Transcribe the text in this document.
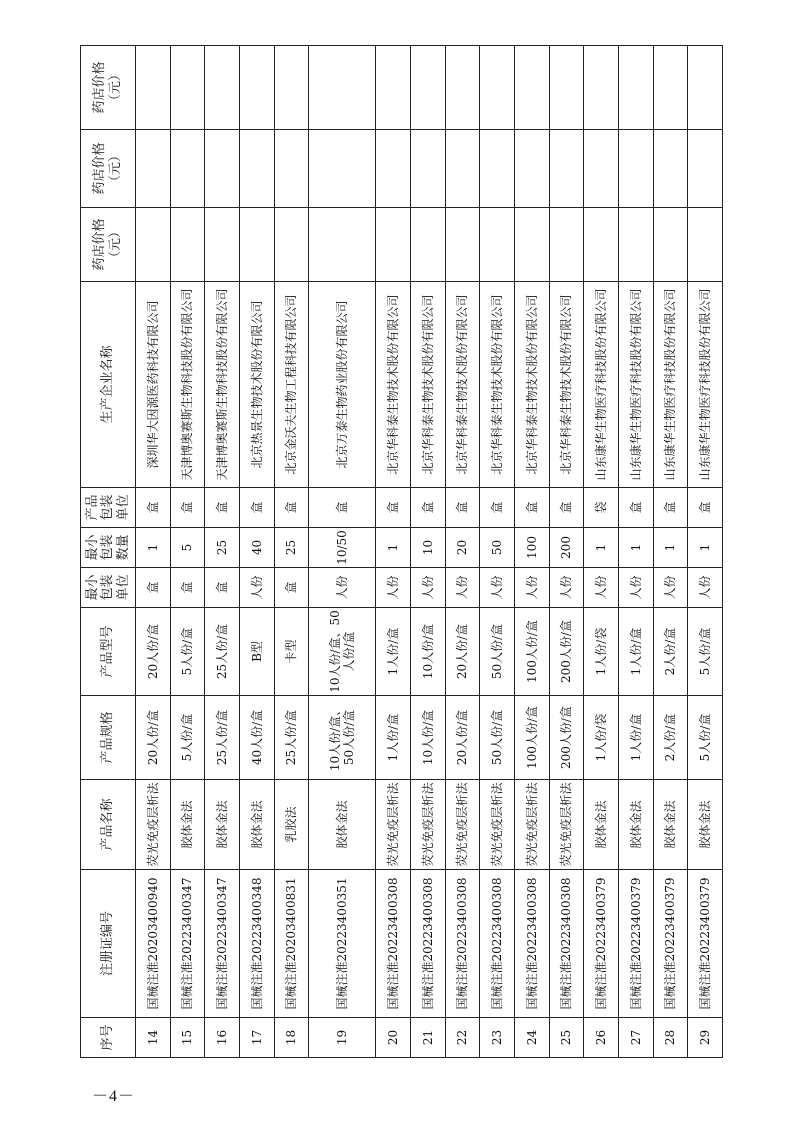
序号	注册证编号	产品名称	产品规格	产品型号	最小包装单位	最小包装数量	产品包装单位	生产企业名称	药店价格（元）	药店价格（元）	药店价格（元）
14	国械注准20203400940	荧光免疫层析法	20人份/盒	20人份/盒	盒	1	盒	深圳华大因源医药科技有限公司			
15	国械注准20223400347	胶体金法	5人份/盒	5人份/盒	盒	5	盒	天津博奥赛斯生物科技股份有限公司			
16	国械注准20223400347	胶体金法	25人份/盒	25人份/盒	盒	25	盒	天津博奥赛斯生物科技股份有限公司			
17	国械注准20223400348	胶体金法	40人份/盒	B型	人份	40	盒	北京热景生物技术股份有限公司			
18	国械注准20203400831	乳胶法	25人份/盒	卡型	盒	25	盒	北京金沃夫生物工程科技有限公司			
19	国械注准20223400351	胶体金法	10人份/盒、50人份/盒	10人份/盒、50人份/盒	人份	10/50	盒	北京万泰生物药业股份有限公司			
20	国械注准20223400308	荧光免疫层析法	1人份/盒	1人份/盒	人份	1	盒	北京华科泰生物技术股份有限公司			
21	国械注准20223400308	荧光免疫层析法	10人份/盒	10人份/盒	人份	10	盒	北京华科泰生物技术股份有限公司			
22	国械注准20223400308	荧光免疫层析法	20人份/盒	20人份/盒	人份	20	盒	北京华科泰生物技术股份有限公司			
23	国械注准20223400308	荧光免疫层析法	50人份/盒	50人份/盒	人份	50	盒	北京华科泰生物技术股份有限公司			
24	国械注准20223400308	荧光免疫层析法	100人份/盒	100人份/盒	人份	100	盒	北京华科泰生物技术股份有限公司			
25	国械注准20223400308	荧光免疫层析法	200人份/盒	200人份/盒	人份	200	盒	北京华科泰生物技术股份有限公司			
26	国械注准20223400379	胶体金法	1人份/袋	1人份/袋	人份	1	袋	山东康华生物医疗科技股份有限公司			
27	国械注准20223400379	胶体金法	1人份/盒	1人份/盒	人份	1	盒	山东康华生物医疗科技股份有限公司			
28	国械注准20223400379	胶体金法	2人份/盒	2人份/盒	人份	1	盒	山东康华生物医疗科技股份有限公司			
29	国械注准20223400379	胶体金法	5人份/盒	5人份/盒	人份	1	盒	山东康华生物医疗科技股份有限公司			
－4－
